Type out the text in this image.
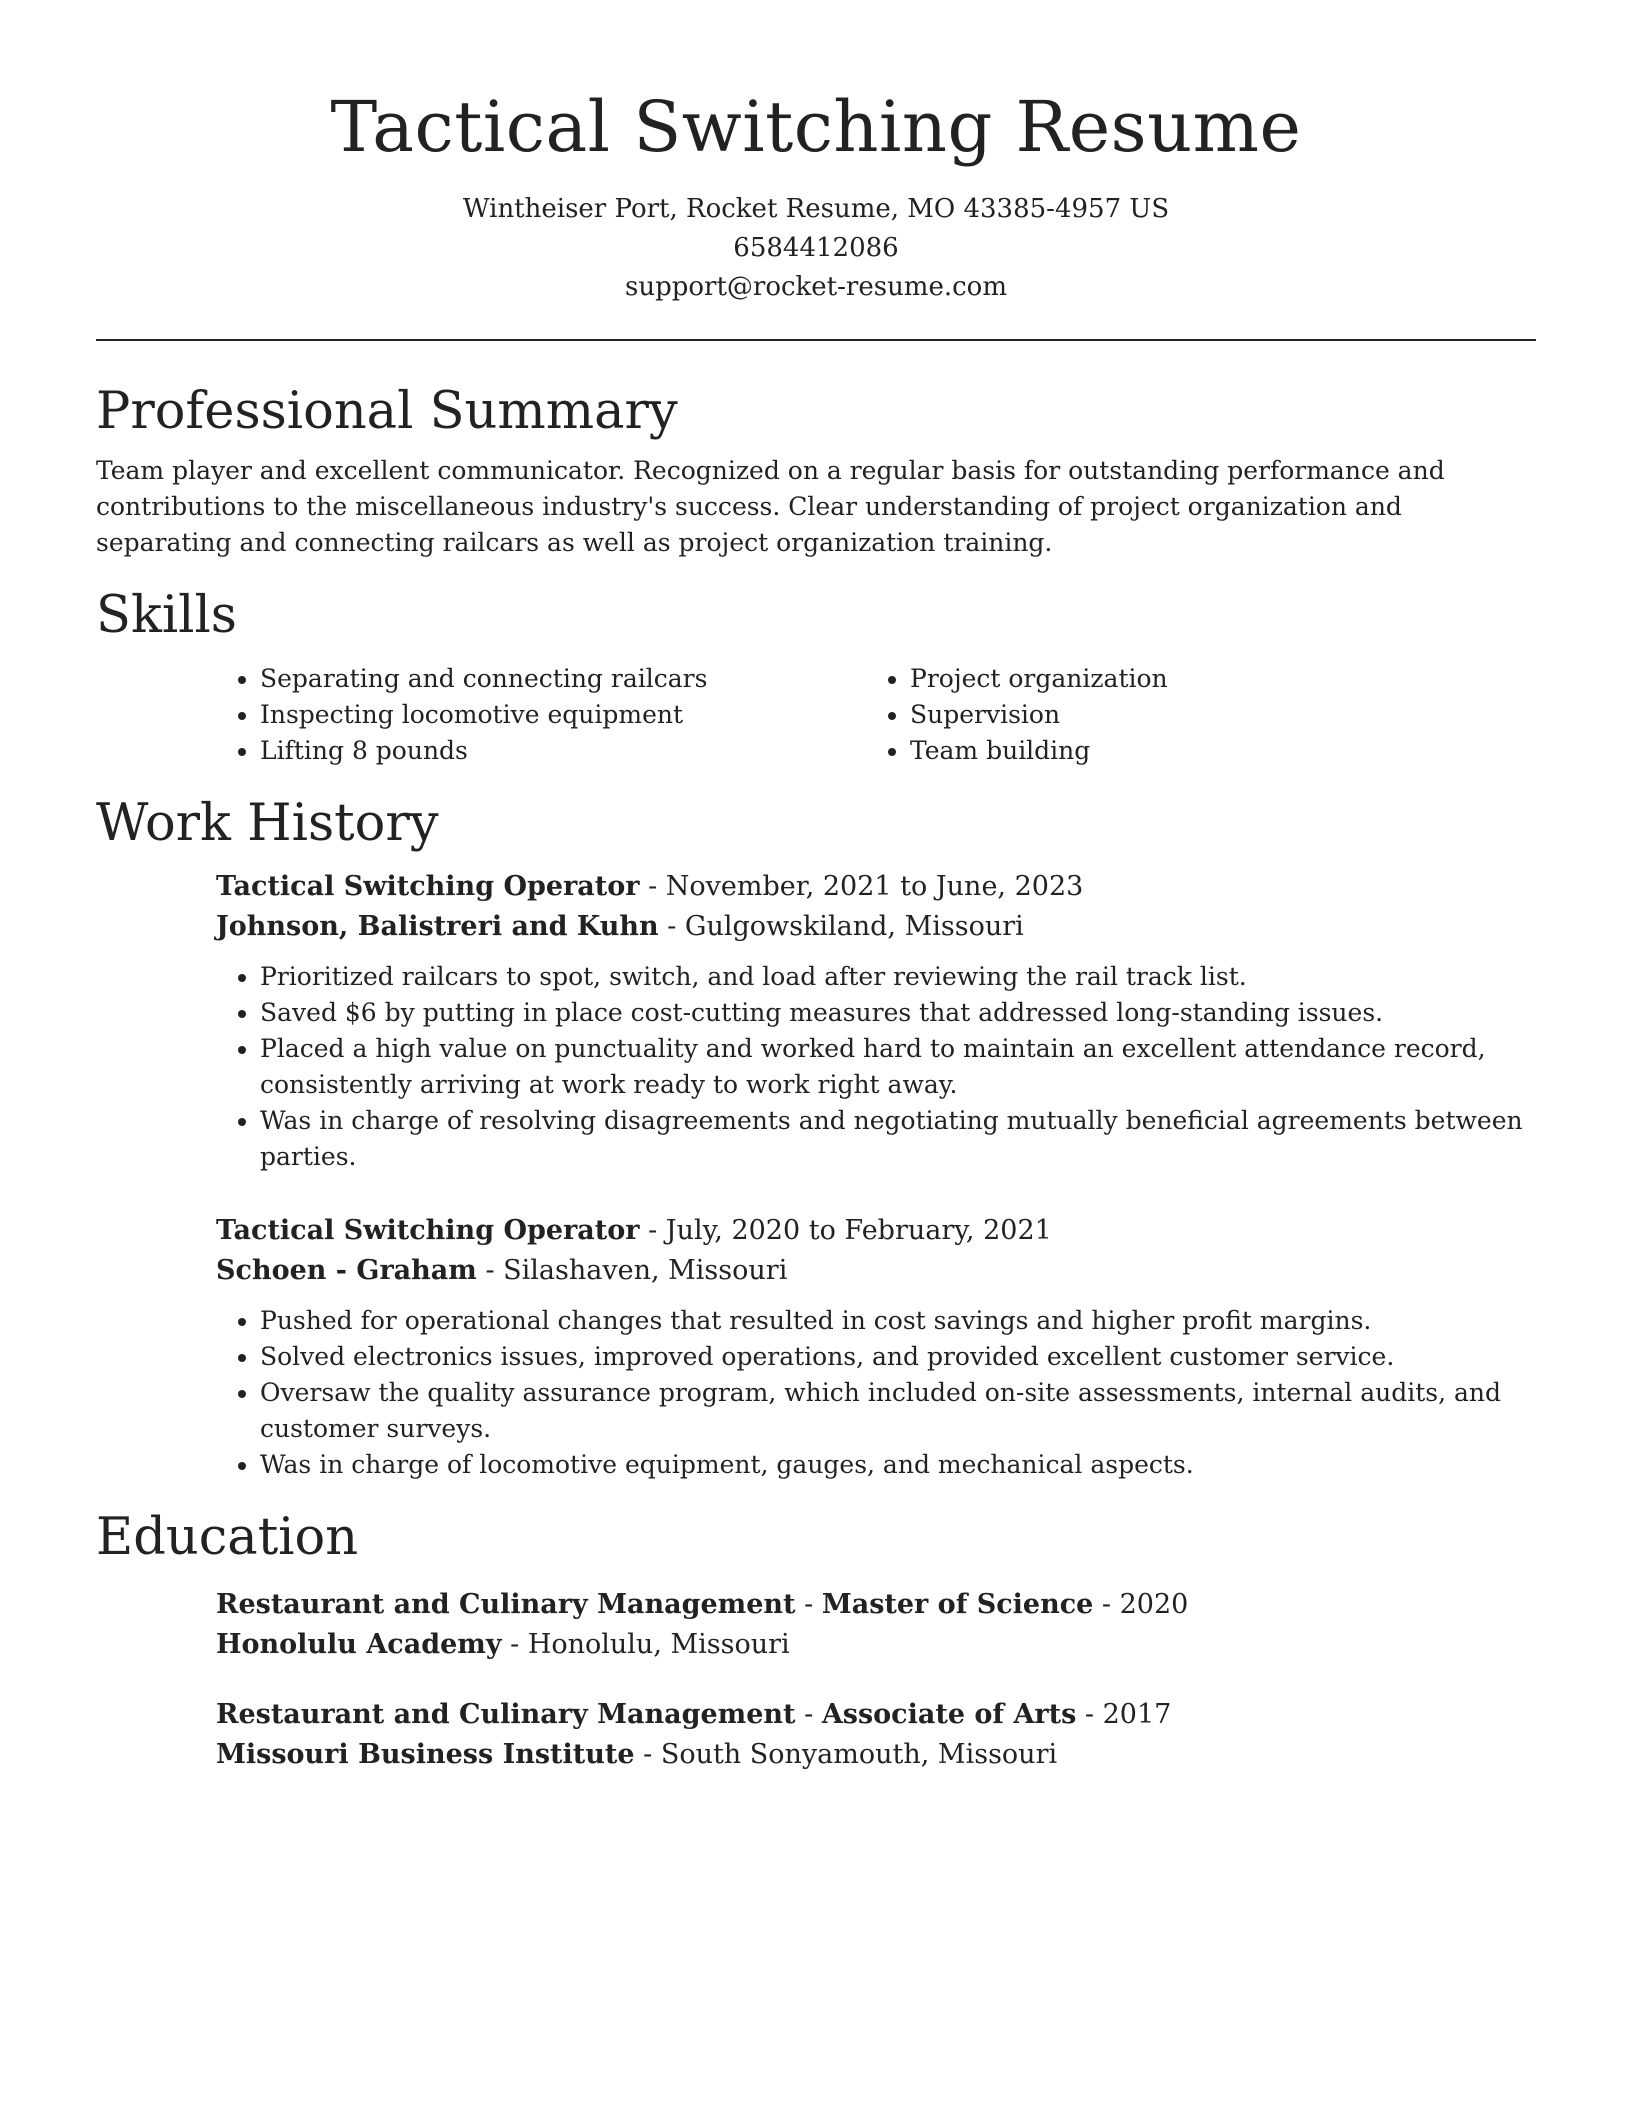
Tactical Switching Resume

Wintheiser Port, Rocket Resume, MO 43385-4957 US

6584412086

support@rocket-resume.com

Professional Summary

Team player and excellent communicator. Recognized on a regular basis for outstanding performance and contributions to the miscellaneous industry's success. Clear understanding of project organization and separating and connecting railcars as well as project organization training.

Skills
• Separating and connecting railcars
• Inspecting locomotive equipment
• Lifting 8 pounds
• Project organization
• Supervision
• Team building
Work History

Tactical Switching Operator - November, 2021 to June, 2023

Johnson, Balistreri and Kuhn - Gulgowskiland, Missouri

• Prioritized railcars to spot, switch, and load after reviewing the rail track list.
• Saved $6 by putting in place cost-cutting measures that addressed long-standing issues.
• Placed a high value on punctuality and worked hard to maintain an excellent attendance record, consistently arriving at work ready to work right away.
• Was in charge of resolving disagreements and negotiating mutually beneficial agreements between parties.

Tactical Switching Operator - July, 2020 to February, 2021

Schoen - Graham - Silashaven, Missouri

• Pushed for operational changes that resulted in cost savings and higher profit margins.
• Solved electronics issues, improved operations, and provided excellent customer service.
• Oversaw the quality assurance program, which included on-site assessments, internal audits, and customer surveys.
• Was in charge of locomotive equipment, gauges, and mechanical aspects.
Education

Restaurant and Culinary Management - Master of Science - 2020

Honolulu Academy - Honolulu, Missouri

Restaurant and Culinary Management - Associate of Arts - 2017

Missouri Business Institute - South Sonyamouth, Missouri
